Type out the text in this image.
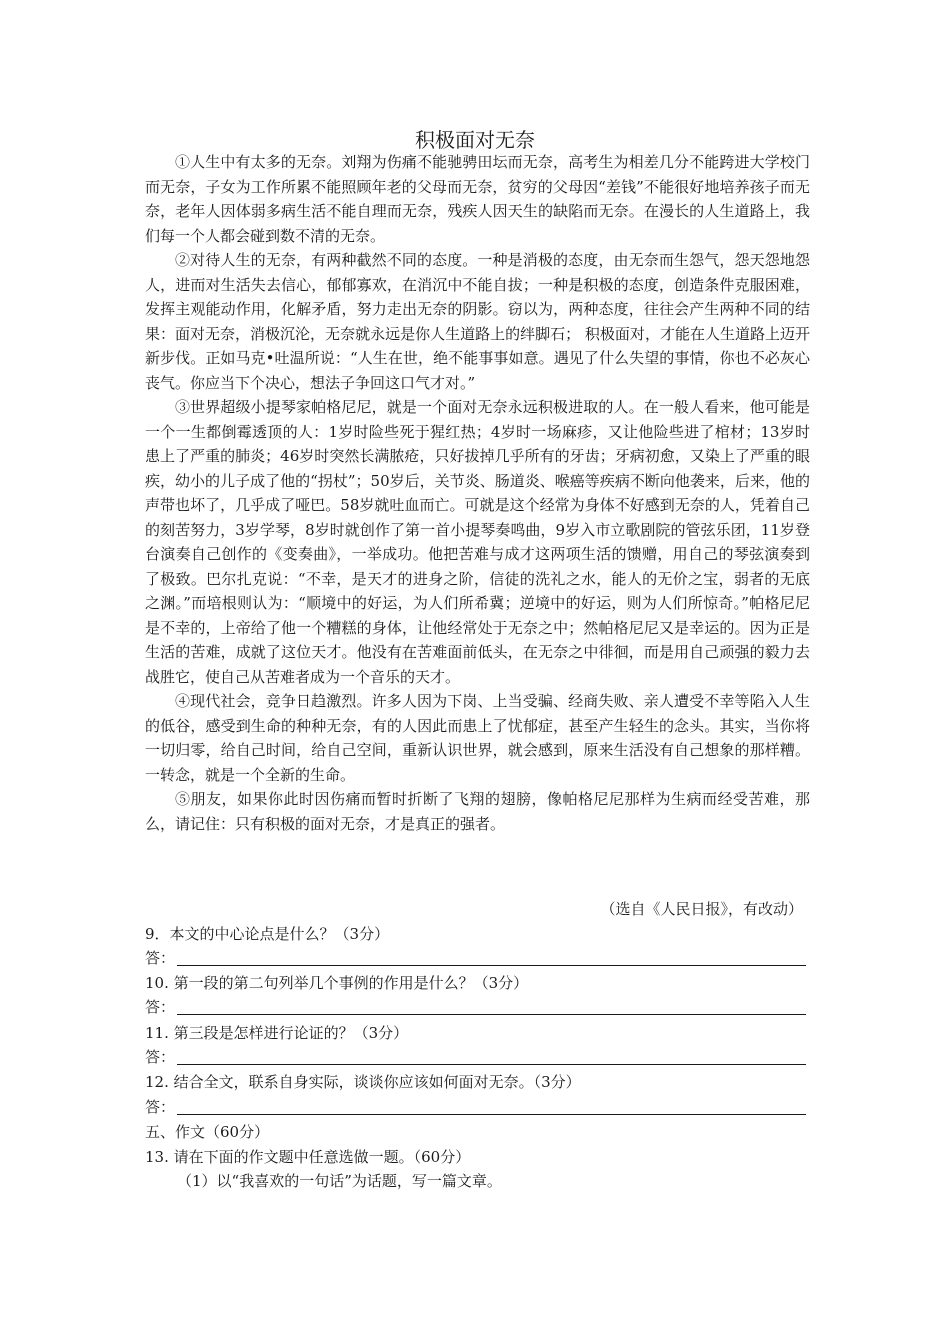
积极面对无奈

①人生中有太多的无奈。刘翔为伤痛不能驰骋田坛而无奈，高考生为相差几分不能跨进大学校门而无奈，子女为工作所累不能照顾年老的父母而无奈，贫穷的父母因“差钱”不能很好地培养孩子而无奈，老年人因体弱多病生活不能自理而无奈，残疾人因天生的缺陷而无奈。在漫长的人生道路上，我们每一个人都会碰到数不清的无奈。

②对待人生的无奈，有两种截然不同的态度。一种是消极的态度，由无奈而生怨气，怨天怨地怨人，进而对生活失去信心，郁郁寡欢，在消沉中不能自拔；一种是积极的态度，创造条件克服困难，发挥主观能动作用，化解矛盾，努力走出无奈的阴影。窃以为，两种态度，往往会产生两种不同的结果：面对无奈，消极沉沦，无奈就永远是你人生道路上的绊脚石； 积极面对，才能在人生道路上迈开新步伐。正如马克•吐温所说：“人生在世，绝不能事事如意。遇见了什么失望的事情，你也不必灰心丧气。你应当下个决心，想法子争回这口气才对。”

③世界超级小提琴家帕格尼尼，就是一个面对无奈永远积极进取的人。在一般人看来，他可能是一个一生都倒霉透顶的人：1岁时险些死于猩红热；4岁时一场麻疹，又让他险些进了棺材；13岁时患上了严重的肺炎；46岁时突然长满脓疮，只好拔掉几乎所有的牙齿；牙病初愈，又染上了严重的眼疾，幼小的儿子成了他的“拐杖”；50岁后，关节炎、肠道炎、喉癌等疾病不断向他袭来，后来，他的声带也坏了，几乎成了哑巴。58岁就吐血而亡。可就是这个经常为身体不好感到无奈的人，凭着自己的刻苦努力，3岁学琴，8岁时就创作了第一首小提琴奏鸣曲，9岁入市立歌剧院的管弦乐团，11岁登台演奏自己创作的《变奏曲》，一举成功。他把苦难与成才这两项生活的馈赠，用自己的琴弦演奏到了极致。巴尔扎克说：“不幸，是天才的进身之阶，信徒的洗礼之水，能人的无价之宝，弱者的无底之渊。”而培根则认为：“顺境中的好运，为人们所希冀；逆境中的好运，则为人们所惊奇。”帕格尼尼是不幸的，上帝给了他一个糟糕的身体，让他经常处于无奈之中；然帕格尼尼又是幸运的。因为正是生活的苦难，成就了这位天才。他没有在苦难面前低头，在无奈之中徘徊，而是用自己顽强的毅力去战胜它，使自己从苦难者成为一个音乐的天才。

④现代社会，竞争日趋激烈。许多人因为下岗、上当受骗、经商失败、亲人遭受不幸等陷入人生的低谷，感受到生命的种种无奈，有的人因此而患上了忧郁症，甚至产生轻生的念头。其实，当你将一切归零，给自己时间，给自己空间，重新认识世界，就会感到，原来生活没有自己想象的那样糟。一转念，就是一个全新的生命。

⑤朋友，如果你此时因伤痛而暂时折断了飞翔的翅膀，像帕格尼尼那样为生病而经受苦难，那么，请记住：只有积极的面对无奈，才是真正的强者。

（选自《人民日报》，有改动）
9．本文的中心论点是什么？（3分）
答：
10. 第一段的第二句列举几个事例的作用是什么？（3分）
答：
11. 第三段是怎样进行论证的？（3分）
答：
12. 结合全文，联系自身实际，谈谈你应该如何面对无奈。（3分）
答：
五、作文（60分）
13. 请在下面的作文题中任意选做一题。（60分）
（1）以“我喜欢的一句话”为话题，写一篇文章。
